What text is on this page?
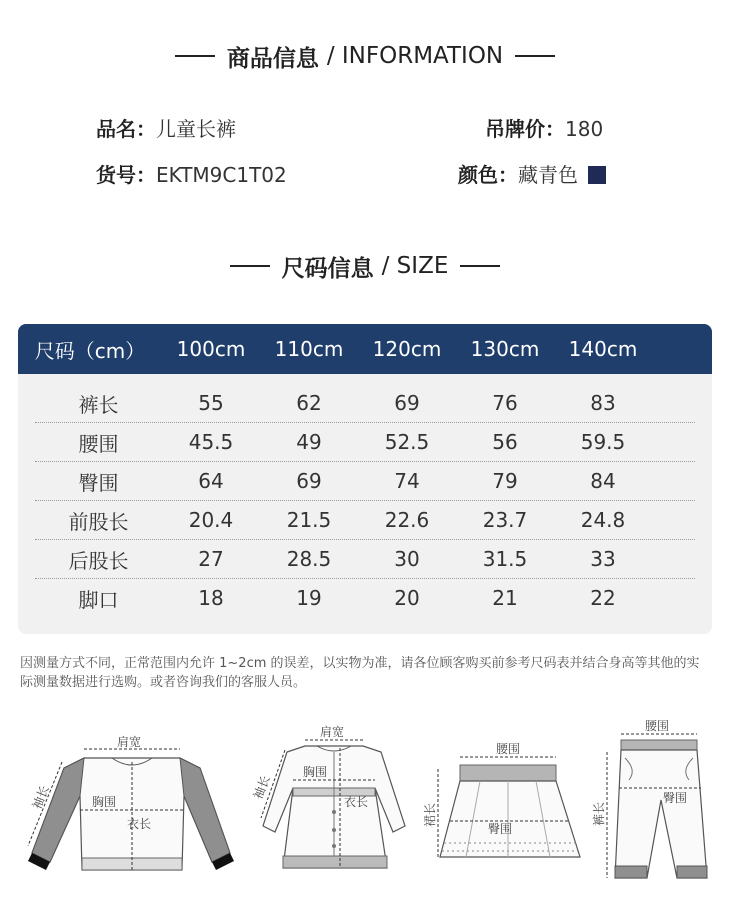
商品信息 / INFORMATION
品名：儿童长裤	吊牌价：180
货号：EKTM9C1T02	颜色：藏青色
尺码信息 / SIZE
尺码（cm）	100cm	110cm	120cm	130cm	140cm
裤长	55	62	69	76	83
腰围	45.5	49	52.5	56	59.5
臀围	64	69	74	79	84
前股长	20.4	21.5	22.6	23.7	24.8
后股长	27	28.5	30	31.5	33
脚口	18	19	20	21	22
因测量方式不同，正常范围内允许 1~2cm 的误差，以实物为准，请各位顾客购买前参考尺码表并结合身高等其他的实际测量数据进行选购。或者咨询我们的客服人员。
肩宽
胸围
衣长
袖长
肩宽
胸围
衣长
袖长
腰围
臀围
裙长
腰围
臀围
裤长
